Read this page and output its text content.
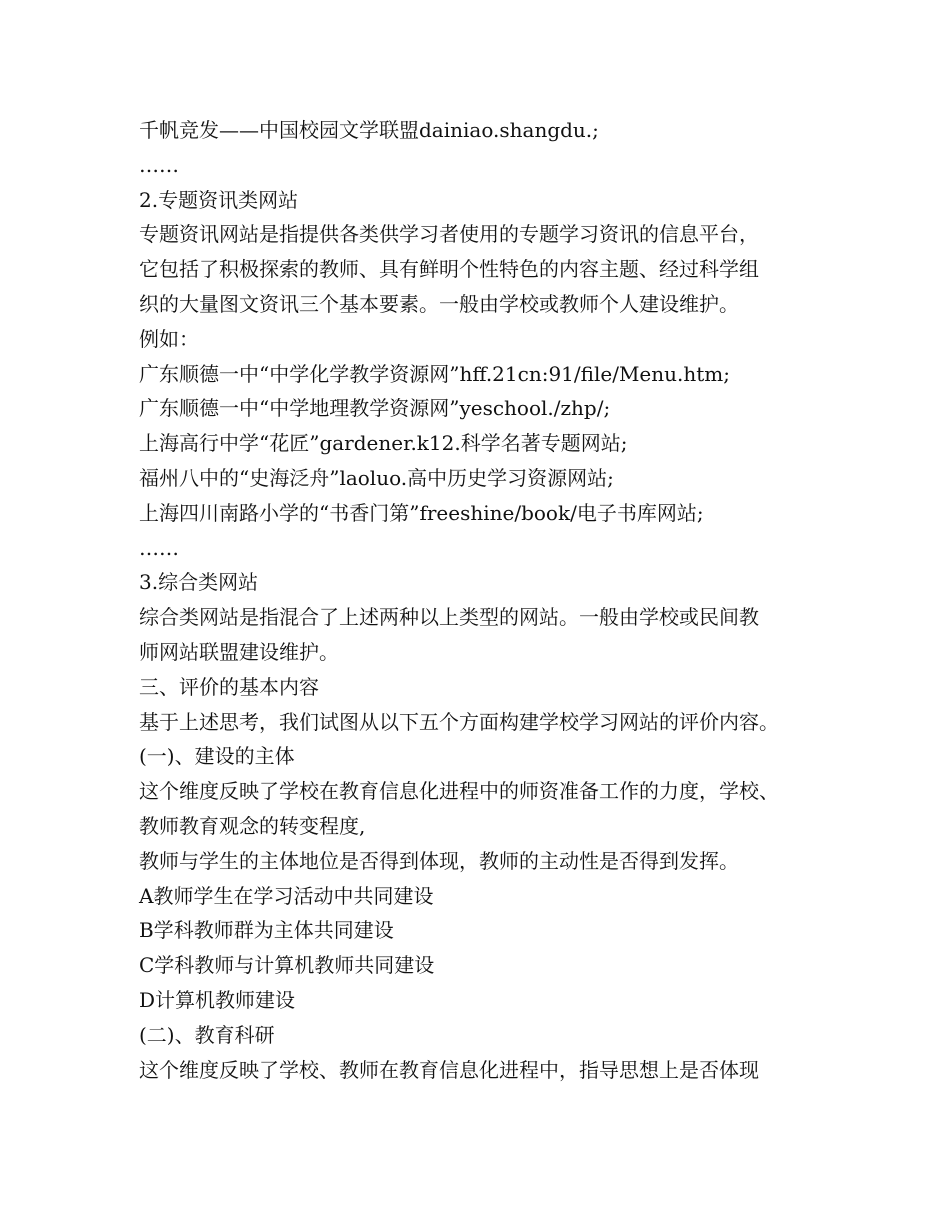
千帆竞发——中国校园文学联盟dainiao.shangdu.;
……
2.专题资讯类网站
专题资讯网站是指提供各类供学习者使用的专题学习资讯的信息平台，
它包括了积极探索的教师、具有鲜明个性特色的内容主题、经过科学组
织的大量图文资讯三个基本要素。一般由学校或教师个人建设维护。
例如：
广东顺德一中“中学化学教学资源网”hff.21cn:91/file/Menu.htm;
广东顺德一中“中学地理教学资源网”yeschool./zhp/;
上海高行中学“花匠”gardener.k12.科学名著专题网站;
福州八中的“史海泛舟”laoluo.高中历史学习资源网站;
上海四川南路小学的“书香门第”freeshine/book/电子书库网站;
……
3.综合类网站
综合类网站是指混合了上述两种以上类型的网站。一般由学校或民间教
师网站联盟建设维护。
三、评价的基本内容
基于上述思考，我们试图从以下五个方面构建学校学习网站的评价内容。
(一)、建设的主体
这个维度反映了学校在教育信息化进程中的师资准备工作的力度，学校、
教师教育观念的转变程度,
教师与学生的主体地位是否得到体现，教师的主动性是否得到发挥。
A教师学生在学习活动中共同建设
B学科教师群为主体共同建设
C学科教师与计算机教师共同建设
D计算机教师建设
(二)、教育科研
这个维度反映了学校、教师在教育信息化进程中，指导思想上是否体现
